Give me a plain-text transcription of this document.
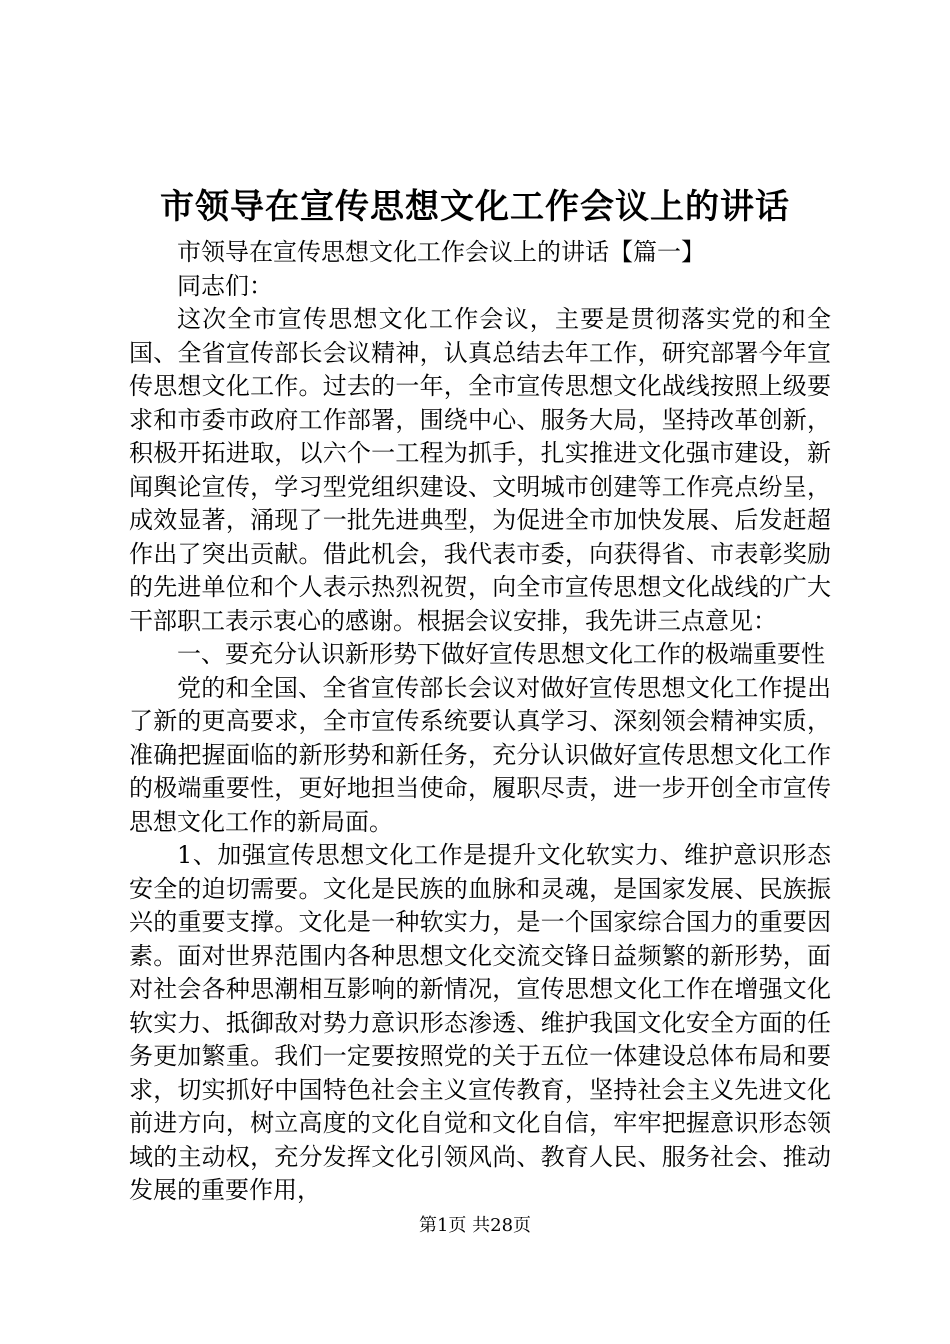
市领导在宣传思想文化工作会议上的讲话

市领导在宣传思想文化工作会议上的讲话【篇一】

同志们：

这次全市宣传思想文化工作会议，主要是贯彻落实党的和全国、全省宣传部长会议精神，认真总结去年工作，研究部署今年宣传思想文化工作。过去的一年，全市宣传思想文化战线按照上级要求和市委市政府工作部署，围绕中心、服务大局，坚持改革创新，积极开拓进取，以六个一工程为抓手，扎实推进文化强市建设，新闻舆论宣传，学习型党组织建设、文明城市创建等工作亮点纷呈，成效显著，涌现了一批先进典型，为促进全市加快发展、后发赶超作出了突出贡献。借此机会，我代表市委，向获得省、市表彰奖励的先进单位和个人表示热烈祝贺，向全市宣传思想文化战线的广大干部职工表示衷心的感谢。根据会议安排，我先讲三点意见：

一、要充分认识新形势下做好宣传思想文化工作的极端重要性

党的和全国、全省宣传部长会议对做好宣传思想文化工作提出了新的更高要求，全市宣传系统要认真学习、深刻领会精神实质，准确把握面临的新形势和新任务，充分认识做好宣传思想文化工作的极端重要性，更好地担当使命，履职尽责，进一步开创全市宣传思想文化工作的新局面。

1、加强宣传思想文化工作是提升文化软实力、维护意识形态安全的迫切需要。文化是民族的血脉和灵魂，是国家发展、民族振兴的重要支撑。文化是一种软实力，是一个国家综合国力的重要因素。面对世界范围内各种思想文化交流交锋日益频繁的新形势，面对社会各种思潮相互影响的新情况，宣传思想文化工作在增强文化软实力、抵御敌对势力意识形态渗透、维护我国文化安全方面的任务更加繁重。我们一定要按照党的关于五位一体建设总体布局和要求，切实抓好中国特色社会主义宣传教育，坚持社会主义先进文化前进方向，树立高度的文化自觉和文化自信，牢牢把握意识形态领域的主动权，充分发挥文化引领风尚、教育人民、服务社会、推动发展的重要作用，

第1页 共28页
